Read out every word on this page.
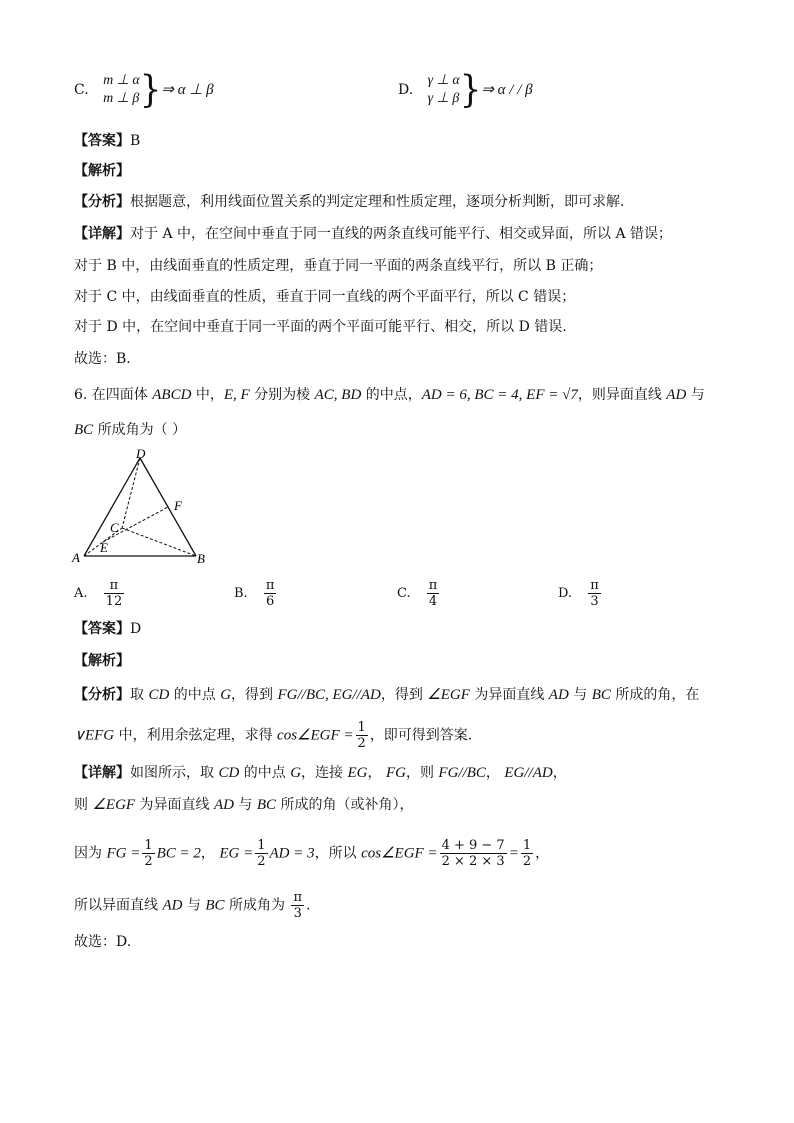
C.
m ⊥ α
m ⊥ β }⇒ α ⊥ β	D.
γ ⊥ α
γ ⊥ β }⇒ α / / β
【答案】B
【解析】
【分析】根据题意，利用线面位置关系的判定定理和性质定理，逐项分析判断，即可求解.
【详解】对于 A 中，在空间中垂直于同一直线的两条直线可能平行、相交或异面，所以 A 错误；
对于 B 中，由线面垂直的性质定理，垂直于同一平面的两条直线平行，所以 B 正确；
对于 C 中，由线面垂直的性质，垂直于同一直线的两个平面平行，所以 C 错误；
对于 D 中，在空间中垂直于同一平面的两个平面可能平行、相交，所以 D 错误.
故选：B.
6. 在四面体 ABCD 中，E, F 分别为棱 AC, BD 的中点，AD = 6, BC = 4, EF = √7，则异面直线 AD 与
BC 所成角为（ ）
D
F
C
A
E
B
A. $\frac{\pi}{12}$	B. $\frac{\pi}{6}$	C. $\frac{\pi}{4}$	D. $\frac{\pi}{3}$
【答案】D
【解析】
【分析】取 CD 的中点 G，得到 FG//BC, EG//AD，得到 ∠EGF 为异面直线 AD 与 BC 所成的角，在
∨EFG 中，利用余弦定理，求得 cos∠EGF = $\frac{1}{2}$ ，即可得到答案.
【详解】如图所示，取 CD 的中点 G，连接 EG， FG，则 FG//BC， EG//AD，
则 ∠EGF 为异面直线 AD 与 BC 所成的角（或补角），
因为 FG = $\frac{1}{2}$ BC = 2， EG = $\frac{1}{2}$ AD = 3，所以 cos∠EGF = $\frac{4 + 9 - 7}{2 \times 2 \times 3} = \frac{1}{2}$ ，
所以异面直线 AD 与 BC 所成角为 $\frac{\pi}{3}$ .
故选：D.
